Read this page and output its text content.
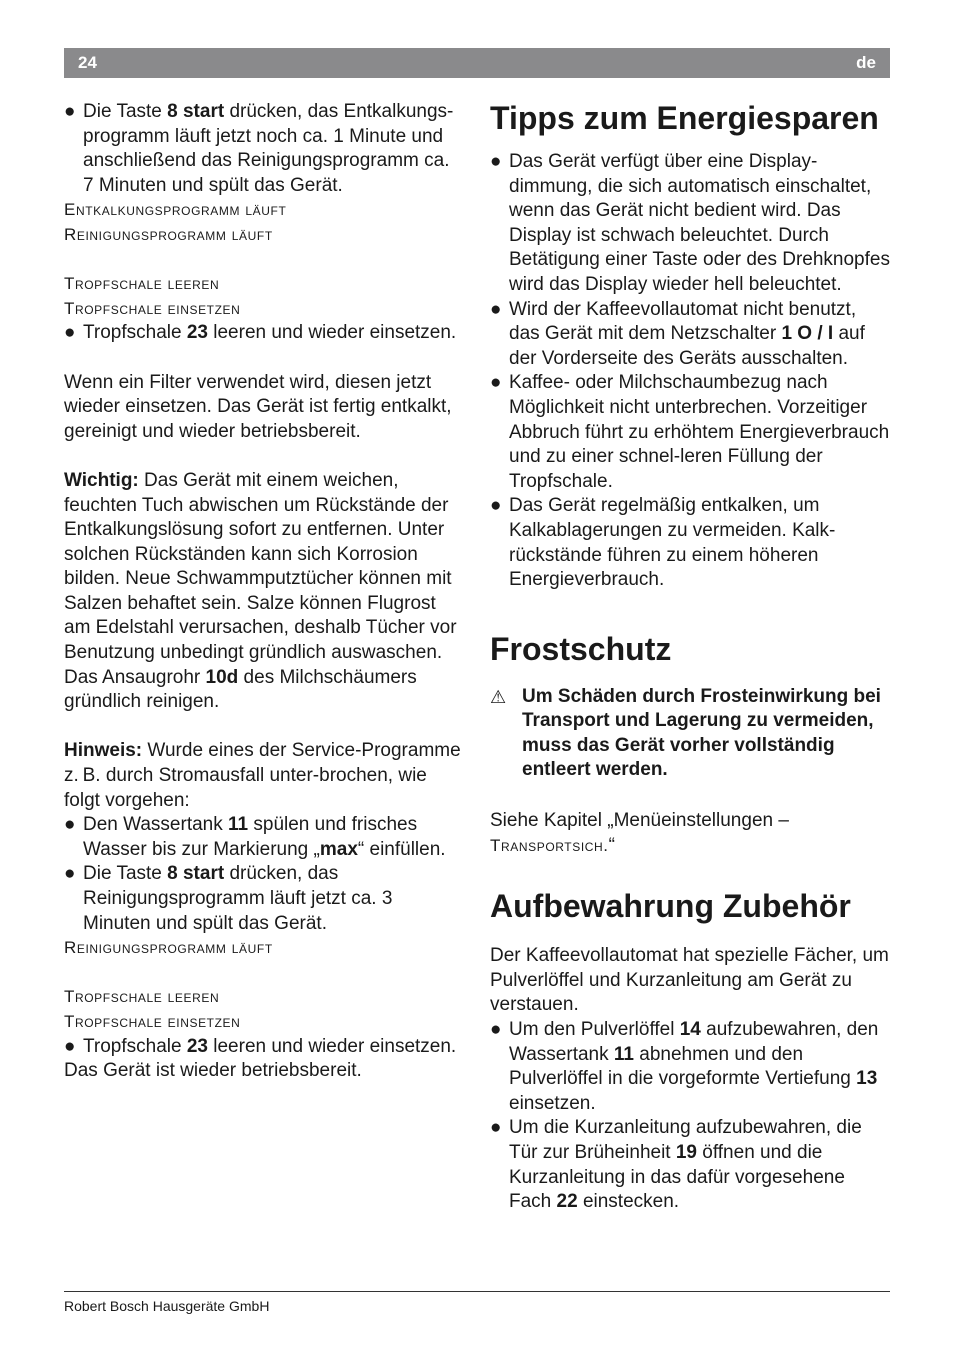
24	de

● Die Taste 8 start drücken, das Entkalkungs-programm läuft jetzt noch ca. 1 Minute und anschließend das Reinigungsprogramm ca. 7 Minuten und spült das Gerät.

Entkalkungsprogramm läuft

Reinigungsprogramm läuft

Tropfschale leeren

Tropfschale einsetzen

● Tropfschale 23 leeren und wieder einsetzen.

Wenn ein Filter verwendet wird, diesen jetzt wieder einsetzen. Das Gerät ist fertig entkalkt, gereinigt und wieder betriebsbereit.

Wichtig: Das Gerät mit einem weichen, feuchten Tuch abwischen um Rückstände der Entkalkungslösung sofort zu entfernen. Unter solchen Rückständen kann sich Korrosion bilden. Neue Schwammputztücher können mit Salzen behaftet sein. Salze können Flugrost am Edelstahl verursachen, deshalb Tücher vor Benutzung unbedingt gründlich auswaschen. Das Ansaugrohr 10d des Milchschäumers gründlich reinigen.

Hinweis: Wurde eines der Service-Programme z. B. durch Stromausfall unter-brochen, wie folgt vorgehen:

● Den Wassertank 11 spülen und frisches Wasser bis zur Markierung „max“ einfüllen.

● Die Taste 8 start drücken, das Reinigungsprogramm läuft jetzt ca. 3 Minuten und spült das Gerät.

Reinigungsprogramm läuft

Tropfschale leeren

Tropfschale einsetzen

● Tropfschale 23 leeren und wieder einsetzen.

Das Gerät ist wieder betriebsbereit.

Tipps zum Energiesparen

● Das Gerät verfügt über eine Display-dimmung, die sich automatisch einschaltet, wenn das Gerät nicht bedient wird. Das Display ist schwach beleuchtet. Durch Betätigung einer Taste oder des Drehknopfes wird das Display wieder hell beleuchtet.

● Wird der Kaffeevollautomat nicht benutzt, das Gerät mit dem Netzschalter 1 O / I auf der Vorderseite des Geräts ausschalten.

● Kaffee- oder Milchschaumbezug nach Möglichkeit nicht unterbrechen. Vorzeitiger Abbruch führt zu erhöhtem Energieverbrauch und zu einer schnel-leren Füllung der Tropfschale.

● Das Gerät regelmäßig entkalken, um Kalkablagerungen zu vermeiden. Kalk-rückstände führen zu einem höheren Energieverbrauch.

Frostschutz

⚠ Um Schäden durch Frosteinwirkung bei Transport und Lagerung zu vermeiden, muss das Gerät vorher vollständig entleert werden.

Siehe Kapitel „Menüeinstellungen – Transportsich.“

Aufbewahrung Zubehör

Der Kaffeevollautomat hat spezielle Fächer, um Pulverlöffel und Kurzanleitung am Gerät zu verstauen.

● Um den Pulverlöffel 14 aufzubewahren, den Wassertank 11 abnehmen und den Pulverlöffel in die vorgeformte Vertiefung 13 einsetzen.

● Um die Kurzanleitung aufzubewahren, die Tür zur Brüheinheit 19 öffnen und die Kurzanleitung in das dafür vorgesehene Fach 22 einstecken.

Robert Bosch Hausgeräte GmbH
